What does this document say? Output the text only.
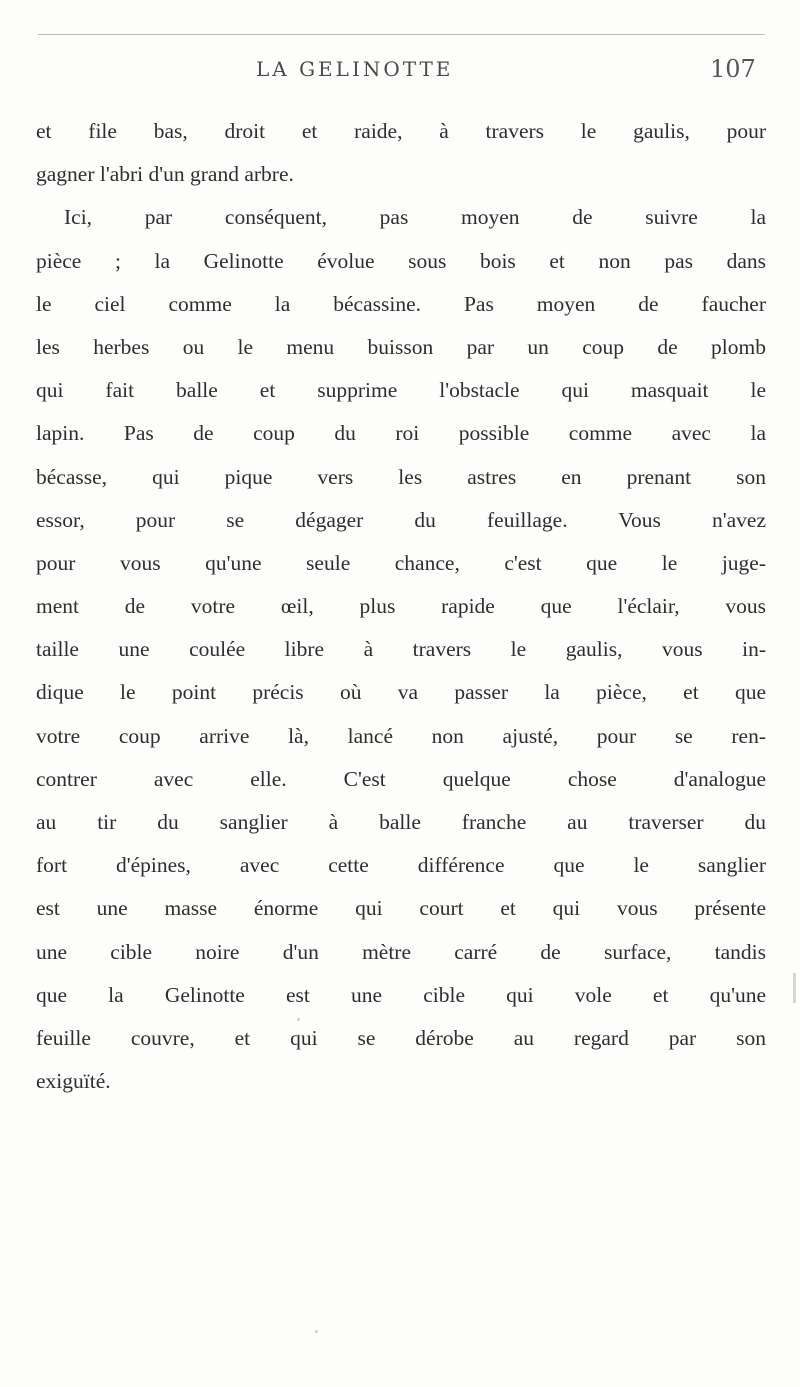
LA GELINOTTE	107
et file bas, droit et raide, à travers le gaulis, pour
gagner l'abri d'un grand arbre.
Ici, par conséquent, pas moyen de suivre la
pièce ; la Gelinotte évolue sous bois et non pas dans
le ciel comme la bécassine. Pas moyen de faucher
les herbes ou le menu buisson par un coup de plomb
qui fait balle et supprime l'obstacle qui masquait le
lapin. Pas de coup du roi possible comme avec la
bécasse, qui pique vers les astres en prenant son
essor, pour se dégager du feuillage. Vous n'avez
pour vous qu'une seule chance, c'est que le juge-
ment de votre œil, plus rapide que l'éclair, vous
taille une coulée libre à travers le gaulis, vous in-
dique le point précis où va passer la pièce, et que
votre coup arrive là, lancé non ajusté, pour se ren-
contrer avec elle. C'est quelque chose d'analogue
au tir du sanglier à balle franche au traverser du
fort d'épines, avec cette différence que le sanglier
est une masse énorme qui court et qui vous présente
une cible noire d'un mètre carré de surface, tandis
que la Gelinotte est une cible qui vole et qu'une
feuille couvre, et qui se dérobe au regard par son
exiguïté.
